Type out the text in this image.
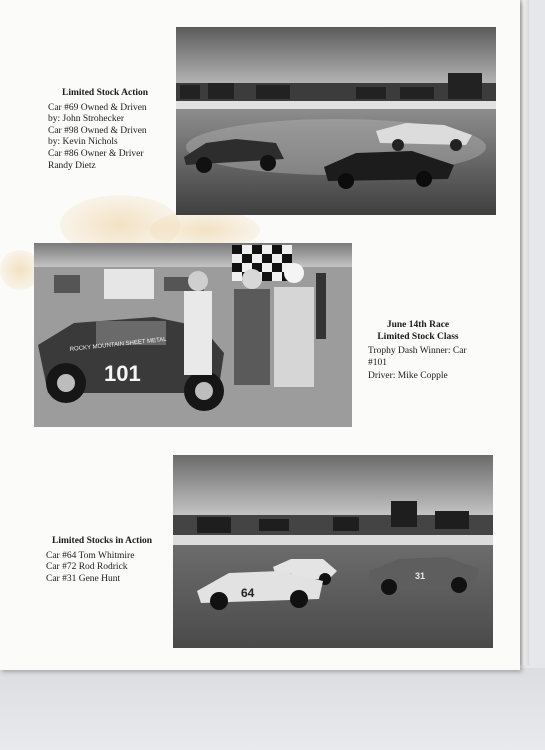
Limited Stock Action
Car #69 Owned & Driven
by: John Strohecker
Car #98 Owned & Driven
by: Kevin Nichols
Car #86 Owner & Driver
Randy Dietz
ROCKY MOUNTAIN SHEET METAL
101
June 14th Race
Limited Stock Class
Trophy Dash Winner: Car
#101
Driver: Mike Copple
64
31
Limited Stocks in Action
Car #64 Tom Whitmire
Car #72 Rod Rodrick
Car #31 Gene Hunt
